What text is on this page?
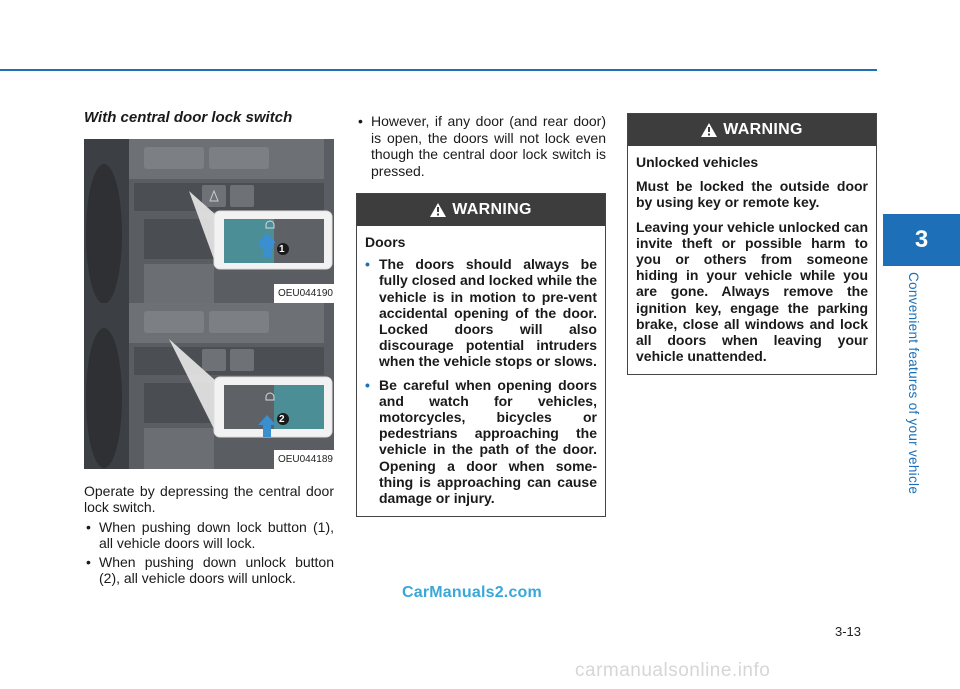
3
Convenient features of your vehicle
With central door lock switch
1
OEU044190
2
OEU044189

Operate by depressing the central door lock switch.

• When pushing down lock button (1), all vehicle doors will lock.
• When pushing down unlock button (2), all vehicle doors will unlock.
• However, if any door (and rear door) is open, the doors will not lock even though the central door lock switch is pressed.
WARNING

Doors

• The doors should always be fully closed and locked while the vehicle is in motion to pre-vent accidental opening of the door. Locked doors will also discourage potential intruders when the vehicle stops or slows.
• Be careful when opening doors and watch for vehicles, motorcycles, bicycles or pedestrians approaching the vehicle in the path of the door. Opening a door when some-thing is approaching can cause damage or injury.
WARNING

Unlocked vehicles

Must be locked the outside door by using key or remote key.

Leaving your vehicle unlocked can invite theft or possible harm to you or others from someone hiding in your vehicle while you are gone. Always remove the ignition key, engage the parking brake, close all windows and lock all doors when leaving your vehicle unattended.

CarManuals2.com
3-13
carmanualsonline.info
